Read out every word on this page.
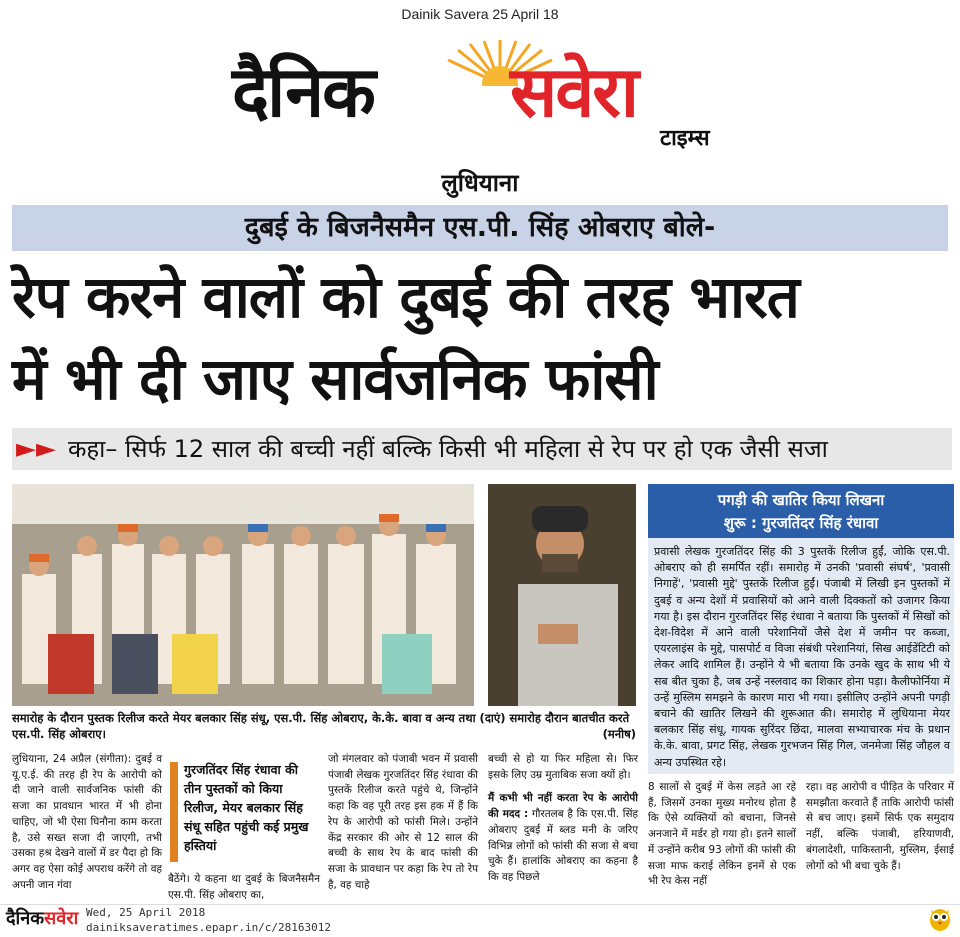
Dainik Savera 25 April 18
दैनिक सवेरा
टाइम्स
लुधियाना
दुबई के बिजनैसमैन एस.पी. सिंह ओबराए बोले-
रेप करने वालों को दुबई की तरह भारत
में भी दी जाए सार्वजनिक फांसी
►► कहा– सिर्फ 12 साल की बच्ची नहीं बल्कि किसी भी महिला से रेप पर हो एक जैसी सजा
पगड़ी की खातिर किया लिखना
शुरू : गुरजतिंदर सिंह रंधावा
प्रवासी लेखक गुरजतिंदर सिंह की 3 पुस्तकें रिलीज हुईं, जोकि एस.पी. ओबराए को ही समर्पित रहीं। समारोह में उनकी 'प्रवासी संघर्ष', 'प्रवासी निगाहें', 'प्रवासी मुद्दे' पुस्तकें रिलीज हुईं। पंजाबी में लिखी इन पुस्तकों में दुबई व अन्य देशों में प्रवासियों को आने वाली दिक्कतों को उजागर किया गया है। इस दौरान गुरजतिंदर सिंह रंधावा ने बताया कि पुस्तकों में सिखों को देश-विदेश में आने वाली परेशानियों जैसे देश में जमीन पर कब्जा, एयरलाइंस के मुद्दे, पासपोर्ट व विजा संबंधी परेशानियां, सिख आईडेंटिटी को लेकर आदि शामिल हैं। उन्होंने ये भी बताया कि उनके खुद के साथ भी ये सब बीत चुका है, जब उन्हें नस्लवाद का शिकार होना पड़ा। कैलीफोर्निया में उन्हें मुस्लिम समझने के कारण मारा भी गया। इसीलिए उन्होंने अपनी पगड़ी बचाने की खातिर लिखने की शुरूआत की। समारोह में लुधियाना मेयर बलकार सिंह संधू, गायक सुरिंदर छिंदा, मालवा सभ्याचारक मंच के प्रधान के.के. बावा, प्रगट सिंह, लेखक गुरभजन सिंह गिल, जनमेजा सिंह जौहल व अन्य उपस्थित रहे।
समारोह के दौरान पुस्तक रिलीज करते मेयर बलकार सिंह संधू, एस.पी. सिंह ओबराए, के.के. बावा व अन्य तथा (दाएं) समारोह दौरान बातचीत करते एस.पी. सिंह ओबराए।	(मनीष)
लुधियाना, 24 अप्रैल (संगीता): दुबई व यू.ए.ई. की तरह ही रेप के आरोपी को दी जाने वाली सार्वजनिक फांसी की सजा का प्रावधान भारत में भी होना चाहिए, जो भी ऐसा घिनौना काम करता है, उसे सख्त सजा दी जाएगी, तभी उसका हश्र देखने वालों में डर पैदा हो कि अगर वह ऐसा कोई अपराध करेंगे तो वह अपनी जान गंवा
गुरजतिंदर सिंह रंधावा की तीन पुस्तकों को किया रिलीज, मेयर बलकार सिंह संधू सहित पहुंची कई प्रमुख हस्तियां
बैठेंगे। ये कहना था दुबई के बिजनैसमैन एस.पी. सिंह ओबराए का,
जो मंगलवार को पंजाबी भवन में प्रवासी पंजाबी लेखक गुरजतिंदर सिंह रंधावा की पुस्तकें रिलीज करते पहुंचे थे, जिन्होंने कहा कि वह पूरी तरह इस हक में हैं कि रेप के आरोपी को फांसी मिले। उन्होंने केंद्र सरकार की ओर से 12 साल की बच्ची के साथ रेप के बाद फांसी की सजा के प्रावधान पर कहा कि रेप तो रेप है, वह चाहे
बच्ची से हो या फिर महिला से। फिर इसके लिए उम्र मुताबिक सजा क्यों हो।
मैं कभी भी नहीं करता रेप के आरोपी की मदद : गौरतलब है कि एस.पी. सिंह ओबराए दुबई में ब्लड मनी के जरिए विभिन्न लोगों को फांसी की सजा से बचा चुके हैं। हालांकि ओबराए का कहना है कि वह पिछले
8 सालों से दुबई में केस लड़ते आ रहे हैं, जिसमें उनका मुख्य मनोरथ होता है कि ऐसे व्यक्तियों को बचाना, जिनसे अनजाने में मर्डर हो गया हो। इतने सालों में उन्होंने करीब 93 लोगों की फांसी की सजा माफ कराई लेकिन इनमें से एक भी रेप केस नहीं
रहा। वह आरोपी व पीड़ित के परिवार में समझौता करवाते हैं ताकि आरोपी फांसी से बच जाए। इसमें सिर्फ एक समुदाय नहीं, बल्कि पंजाबी, हरियाणवी, बंगलादेशी, पाकिस्तानी, मुस्लिम, ईसाई लोगों को भी बचा चुके हैं।
दैनिकसवेरा Wed, 25 April 2018
dainiksaveratimes.epapr.in/c/28163012
